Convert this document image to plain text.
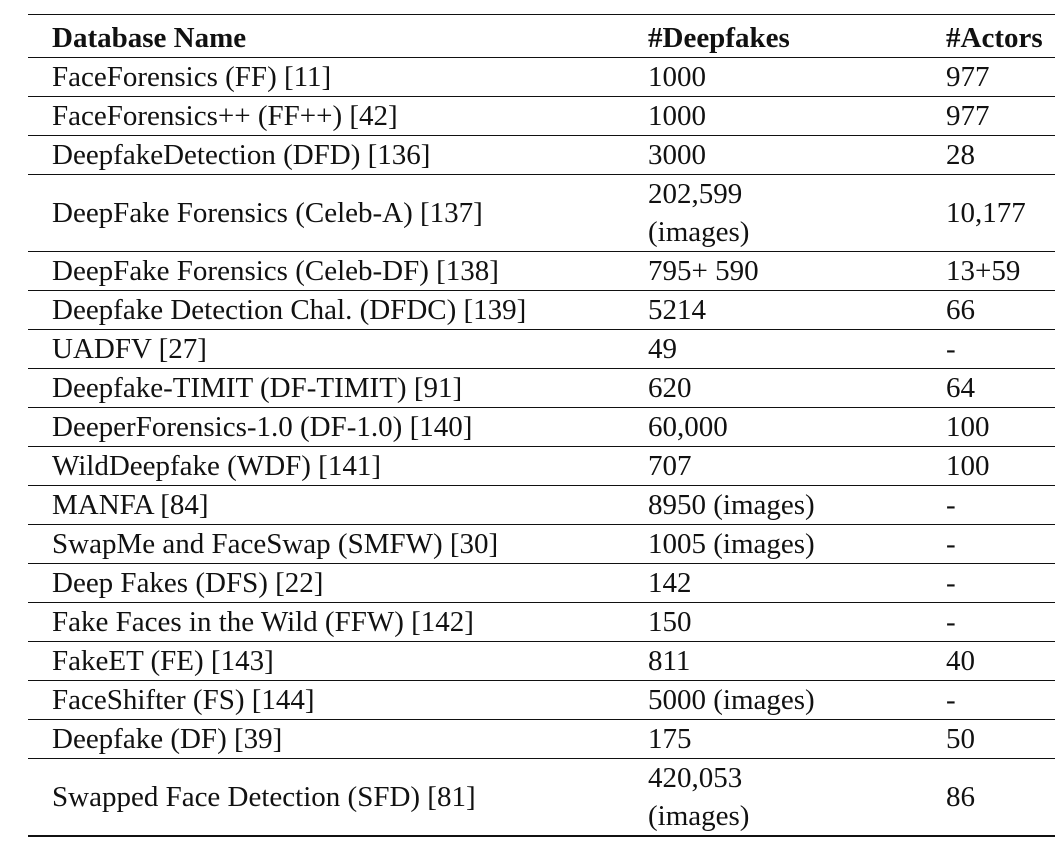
Database Name	#Deepfakes	#Actors
FaceForensics (FF) [11]	1000	977
FaceForensics++ (FF++) [42]	1000	977
DeepfakeDetection (DFD) [136]	3000	28
DeepFake Forensics (Celeb-A) [137]	202,599 (images)	10,177
DeepFake Forensics (Celeb-DF) [138]	795+ 590	13+59
Deepfake Detection Chal. (DFDC) [139]	5214	66
UADFV [27]	49	-
Deepfake-TIMIT (DF-TIMIT) [91]	620	64
DeeperForensics-1.0 (DF-1.0) [140]	60,000	100
WildDeepfake (WDF) [141]	707	100
MANFA [84]	8950 (images)	-
SwapMe and FaceSwap (SMFW) [30]	1005 (images)	-
Deep Fakes (DFS) [22]	142	-
Fake Faces in the Wild (FFW) [142]	150	-
FakeET (FE) [143]	811	40
FaceShifter (FS) [144]	5000 (images)	-
Deepfake (DF) [39]	175	50
Swapped Face Detection (SFD) [81]	420,053 (images)	86
